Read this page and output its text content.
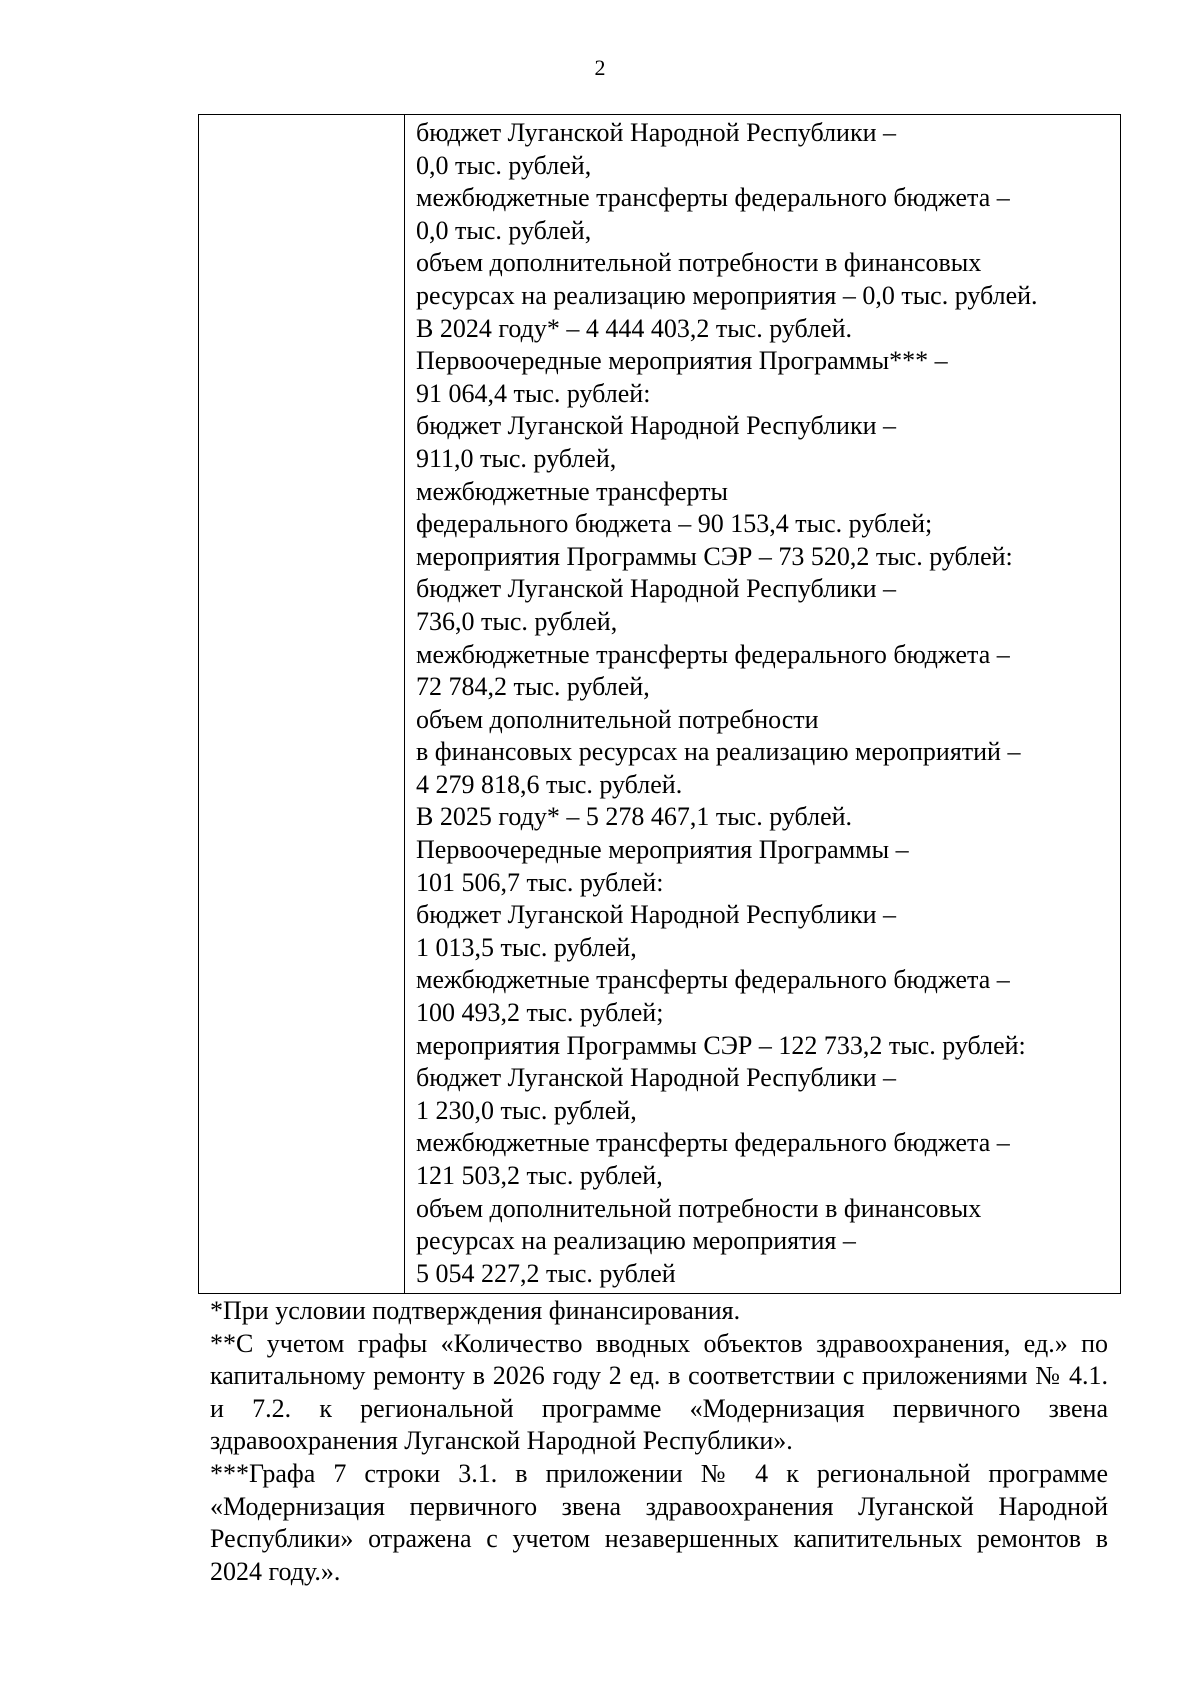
2
бюджет Луганской Народной Республики –
0,0 тыс. рублей,
межбюджетные трансферты федерального бюджета –
0,0 тыс. рублей,
объем дополнительной потребности в финансовых
ресурсах на реализацию мероприятия – 0,0 тыс. рублей.
В 2024 году* – 4 444 403,2 тыс. рублей.
Первоочередные мероприятия Программы*** –
91 064,4 тыс. рублей:
бюджет Луганской Народной Республики –
911,0 тыс. рублей,
межбюджетные трансферты
федерального бюджета – 90 153,4 тыс. рублей;
мероприятия Программы СЭР – 73 520,2 тыс. рублей:
бюджет Луганской Народной Республики –
736,0 тыс. рублей,
межбюджетные трансферты федерального бюджета –
72 784,2 тыс. рублей,
объем дополнительной потребности
в финансовых ресурсах на реализацию мероприятий –
4 279 818,6 тыс. рублей.
В 2025 году* – 5 278 467,1 тыс. рублей.
Первоочередные мероприятия Программы –
101 506,7 тыс. рублей:
бюджет Луганской Народной Республики –
1 013,5 тыс. рублей,
межбюджетные трансферты федерального бюджета –
100 493,2 тыс. рублей;
мероприятия Программы СЭР – 122 733,2 тыс. рублей:
бюджет Луганской Народной Республики –
1 230,0 тыс. рублей,
межбюджетные трансферты федерального бюджета –
121 503,2 тыс. рублей,
объем дополнительной потребности в финансовых
ресурсах на реализацию мероприятия –
5 054 227,2 тыс. рублей

*При условии подтверждения финансирования.

**С учетом графы «Количество вводных объектов здравоохранения, ед.» по капитальному ремонту в 2026 году 2 ед. в соответствии с приложениями № 4.1. и 7.2. к региональной программе «Модернизация первичного звена здравоохранения Луганской Народной Республики».

***Графа 7 строки 3.1. в приложении № 4 к региональной программе «Модернизация первичного звена здравоохранения Луганской Народной Республики» отражена с учетом незавершенных капитительных ремонтов в 2024 году.».
